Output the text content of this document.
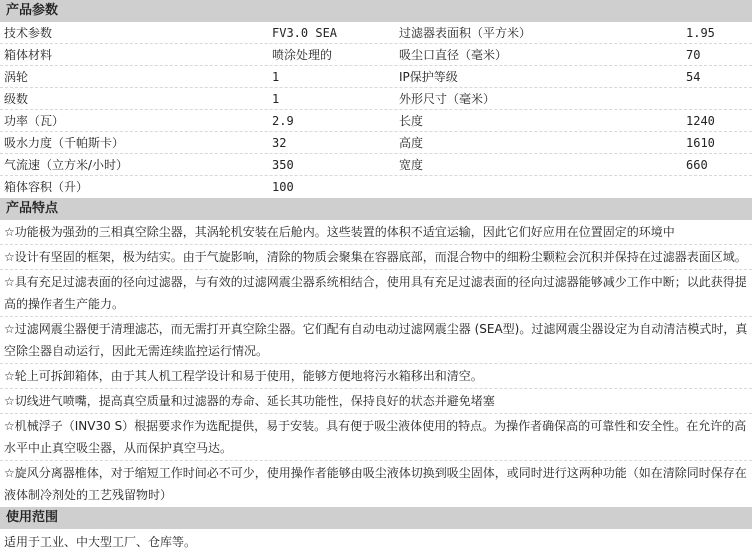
产品参数
技术参数	FV3.0 SEA	过滤器表面积（平方米）	1.95
箱体材料	喷涂处理的	吸尘口直径（毫米）	70
涡轮	1	IP保护等级	54
级数	1	外形尺寸（毫米）
功率（瓦）	2.9	长度	1240
吸水力度（千帕斯卡）	32	高度	1610
气流速（立方米/小时）	350	宽度	660
箱体容积（升）	100
产品特点
☆功能极为强劲的三相真空除尘器，其涡轮机安装在后舱内。这些装置的体积不适宜运输，因此它们好应用在位置固定的环境中
☆设计有坚固的框架，极为结实。由于气旋影响，清除的物质会聚集在容器底部，而混合物中的细粉尘颗粒会沉积并保持在过滤器表面区域。
☆具有充足过滤表面的径向过滤器，与有效的过滤网震尘器系统相结合，使用具有充足过滤表面的径向过滤器能够减少工作中断；以此获得提高的操作者生产能力。
☆过滤网震尘器便于清理滤芯，而无需打开真空除尘器。它们配有自动电动过滤网震尘器 (SEA型)。过滤网震尘器设定为自动清洁模式时，真空除尘器自动运行，因此无需连续监控运行情况。
☆轮上可拆卸箱体，由于其人机工程学设计和易于使用，能够方便地将污水箱移出和清空。
☆切线进气喷嘴，提高真空质量和过滤器的寿命、延长其功能性，保持良好的状态并避免堵塞
☆机械浮子（INV30 S）根据要求作为选配提供，易于安装。具有便于吸尘液体使用的特点。为操作者确保高的可靠性和安全性。在允许的高水平中止真空吸尘器，从而保护真空马达。
☆旋风分离器椎体，对于缩短工作时间必不可少，使用操作者能够由吸尘液体切换到吸尘固体，或同时进行这两种功能（如在清除同时保存在液体制冷剂处的工艺残留物时）
使用范围
适用于工业、中大型工厂、仓库等。
